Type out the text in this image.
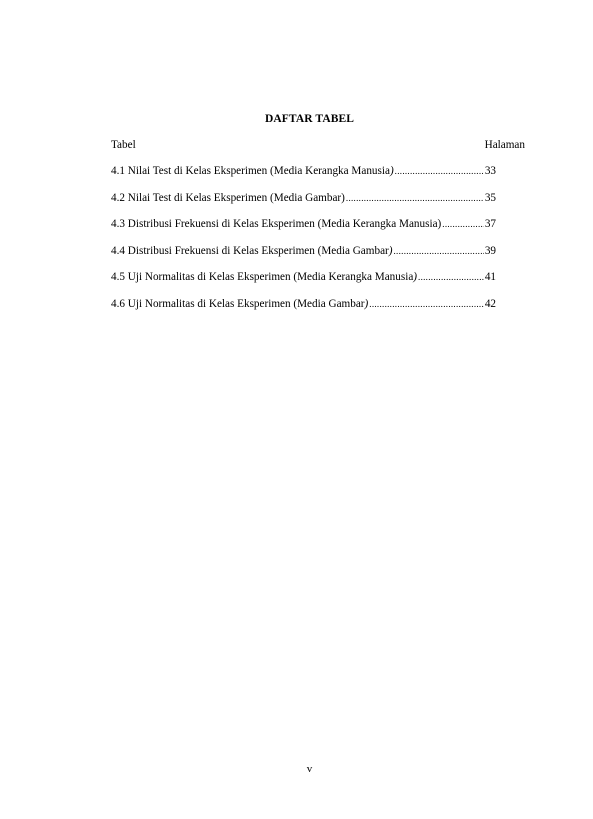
DAFTAR TABEL
Tabel	Halaman
4.1 Nilai Test di Kelas Eksperimen (Media Kerangka Manusia) .....	33
4.2 Nilai Test di Kelas Eksperimen (Media Gambar) .....	35
4.3 Distribusi Frekuensi di Kelas Eksperimen (Media Kerangka Manusia) .....	37
4.4 Distribusi Frekuensi di Kelas Eksperimen (Media Gambar) .....	39
4.5 Uji Normalitas di Kelas Eksperimen (Media Kerangka Manusia) .....	41
4.6 Uji Normalitas di Kelas Eksperimen (Media Gambar) .....	42
v
